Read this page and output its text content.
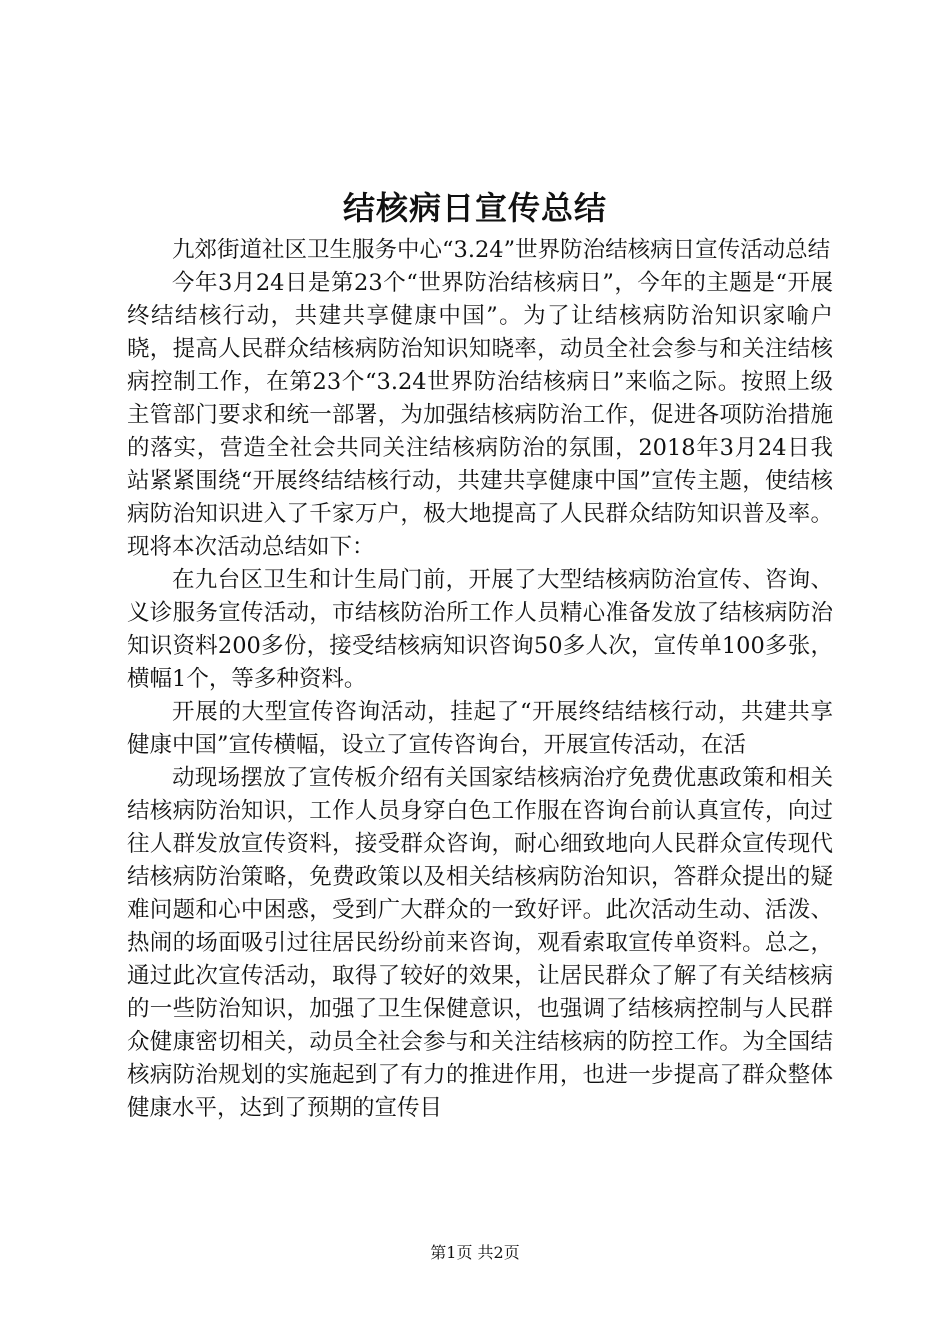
结核病日宣传总结

九郊街道社区卫生服务中心“3.24”世界防治结核病日宣传活动总结

今年3月24日是第23个“世界防治结核病日”，今年的主题是“开展终结结核行动，共建共享健康中国”。为了让结核病防治知识家喻户晓，提高人民群众结核病防治知识知晓率，动员全社会参与和关注结核病控制工作，在第23个“3.24世界防治结核病日”来临之际。按照上级主管部门要求和统一部署，为加强结核病防治工作，促进各项防治措施的落实，营造全社会共同关注结核病防治的氛围，2018年3月24日我站紧紧围绕“开展终结结核行动，共建共享健康中国”宣传主题，使结核病防治知识进入了千家万户，极大地提高了人民群众结防知识普及率。现将本次活动总结如下：

在九台区卫生和计生局门前，开展了大型结核病防治宣传、咨询、义诊服务宣传活动，市结核防治所工作人员精心准备发放了结核病防治知识资料200多份，接受结核病知识咨询50多人次，宣传单100多张，横幅1个，等多种资料。

开展的大型宣传咨询活动，挂起了“开展终结结核行动，共建共享健康中国”宣传横幅，设立了宣传咨询台，开展宣传活动，在活

动现场摆放了宣传板介绍有关国家结核病治疗免费优惠政策和相关结核病防治知识，工作人员身穿白色工作服在咨询台前认真宣传，向过往人群发放宣传资料，接受群众咨询，耐心细致地向人民群众宣传现代结核病防治策略，免费政策以及相关结核病防治知识，答群众提出的疑难问题和心中困惑，受到广大群众的一致好评。此次活动生动、活泼、热闹的场面吸引过往居民纷纷前来咨询，观看索取宣传单资料。总之，通过此次宣传活动，取得了较好的效果，让居民群众了解了有关结核病的一些防治知识，加强了卫生保健意识，也强调了结核病控制与人民群众健康密切相关，动员全社会参与和关注结核病的防控工作。为全国结核病防治规划的实施起到了有力的推进作用，也进一步提高了群众整体健康水平，达到了预期的宣传目

第1页 共2页
